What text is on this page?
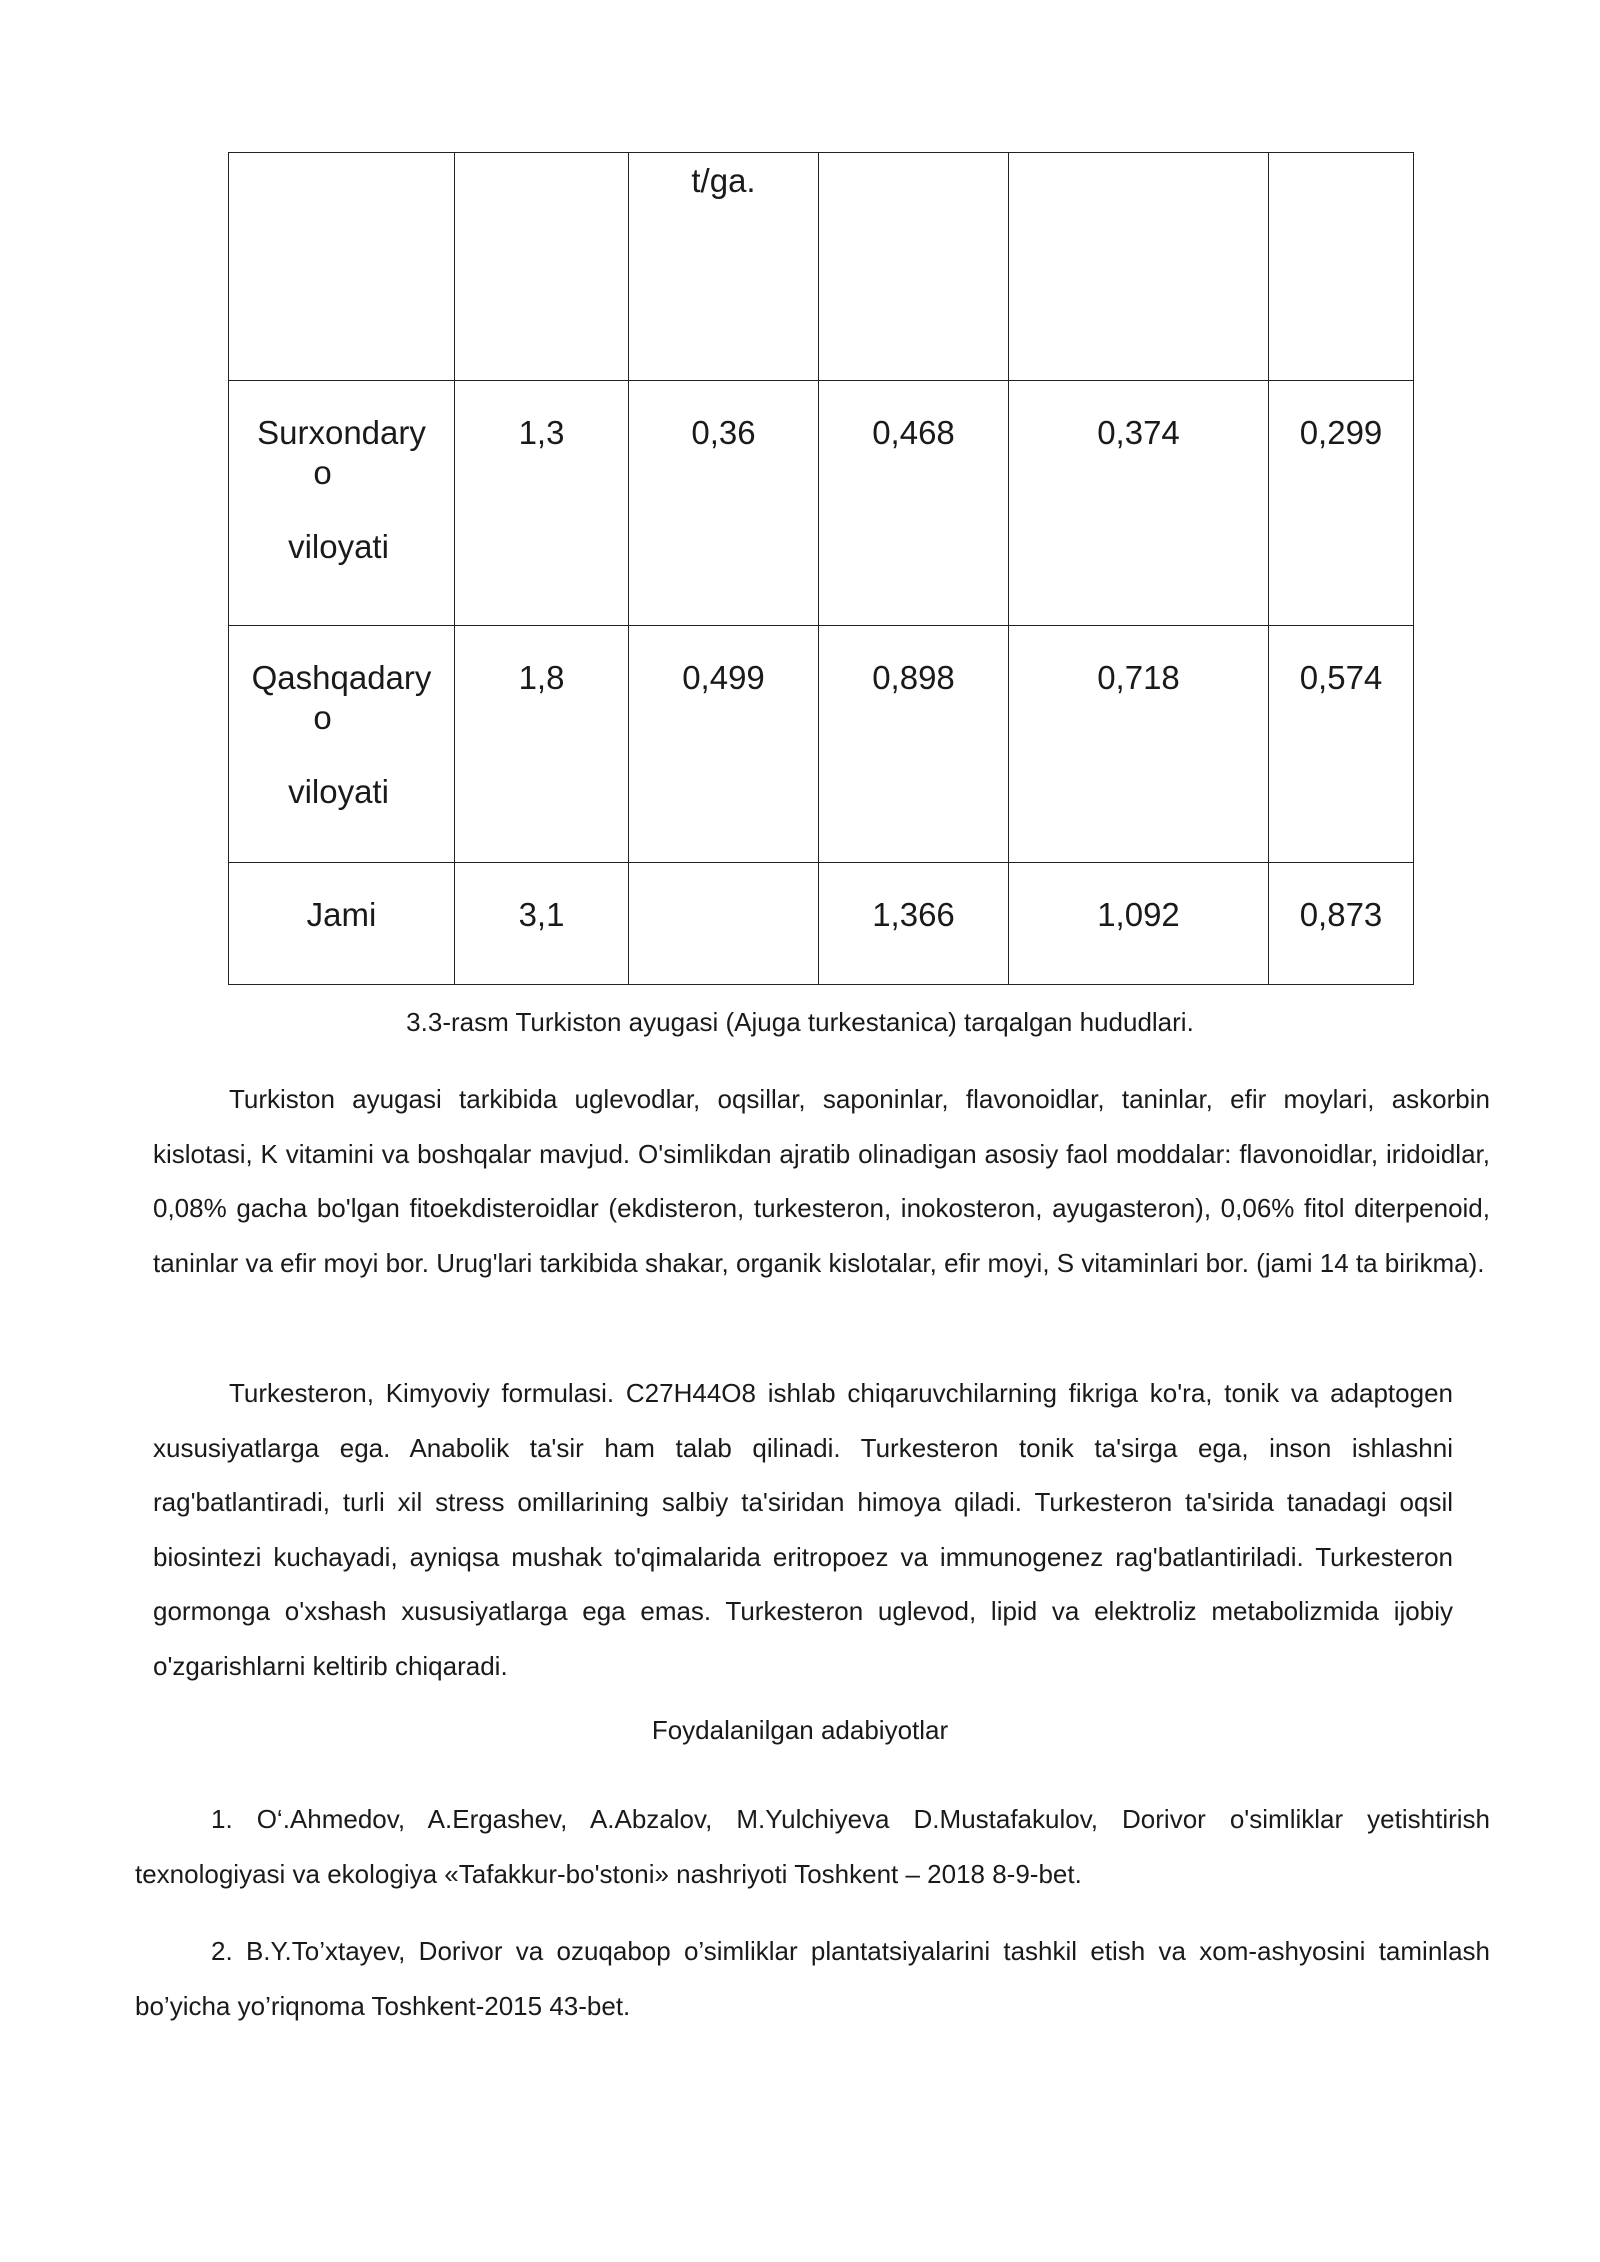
		t/ga.			

Surxondary
o
viloyati	1,3	0,36	0,468	0,374	0,299

Qashqadary
o
viloyati	1,8	0,499	0,898	0,718	0,574
Jami	3,1		1,366	1,092	0,873
3.3-rasm Turkiston ayugasi (Ajuga turkestanica) tarqalgan hududlari.

Turkiston ayugasi tarkibida uglevodlar, oqsillar, saponinlar, flavonoidlar, taninlar, efir moylari, askorbin kislotasi, K vitamini va boshqalar mavjud. O'simlikdan ajratib olinadigan asosiy faol moddalar: flavonoidlar, iridoidlar, 0,08% gacha bo'lgan fitoekdisteroidlar (ekdisteron, turkesteron, inokosteron, ayugasteron), 0,06% fitol diterpenoid, taninlar va efir moyi bor. Urug'lari tarkibida shakar, organik kislotalar, efir moyi, S vitaminlari bor. (jami 14 ta birikma).

Turkesteron, Kimyoviy formulasi. C27H44O8 ishlab chiqaruvchilarning fikriga ko'ra, tonik va adaptogen xususiyatlarga ega. Anabolik ta'sir ham talab qilinadi. Turkesteron tonik ta'sirga ega, inson ishlashni rag'batlantiradi, turli xil stress omillarining salbiy ta'siridan himoya qiladi. Turkesteron ta'sirida tanadagi oqsil biosintezi kuchayadi, ayniqsa mushak to'qimalarida eritropoez va immunogenez rag'batlantiriladi. Turkesteron gormonga o'xshash xususiyatlarga ega emas. Turkesteron uglevod, lipid va elektroliz metabolizmida ijobiy o'zgarishlarni keltirib chiqaradi.

Foydalanilgan adabiyotlar

1. O‘.Ahmedov, A.Ergashev, A.Abzalov, M.Yulchiyeva D.Mustafakulov, Dorivor o'simliklar yetishtirish texnologiyasi va ekologiya «Tafakkur-bo'stoni» nashriyoti Toshkent – 2018 8-9-bet.

2. B.Y.To’xtayev, Dorivor va ozuqabop o’simliklar plantatsiyalarini tashkil etish va xom-ashyosini taminlash bo’yicha yo’riqnoma Toshkent-2015 43-bet.
